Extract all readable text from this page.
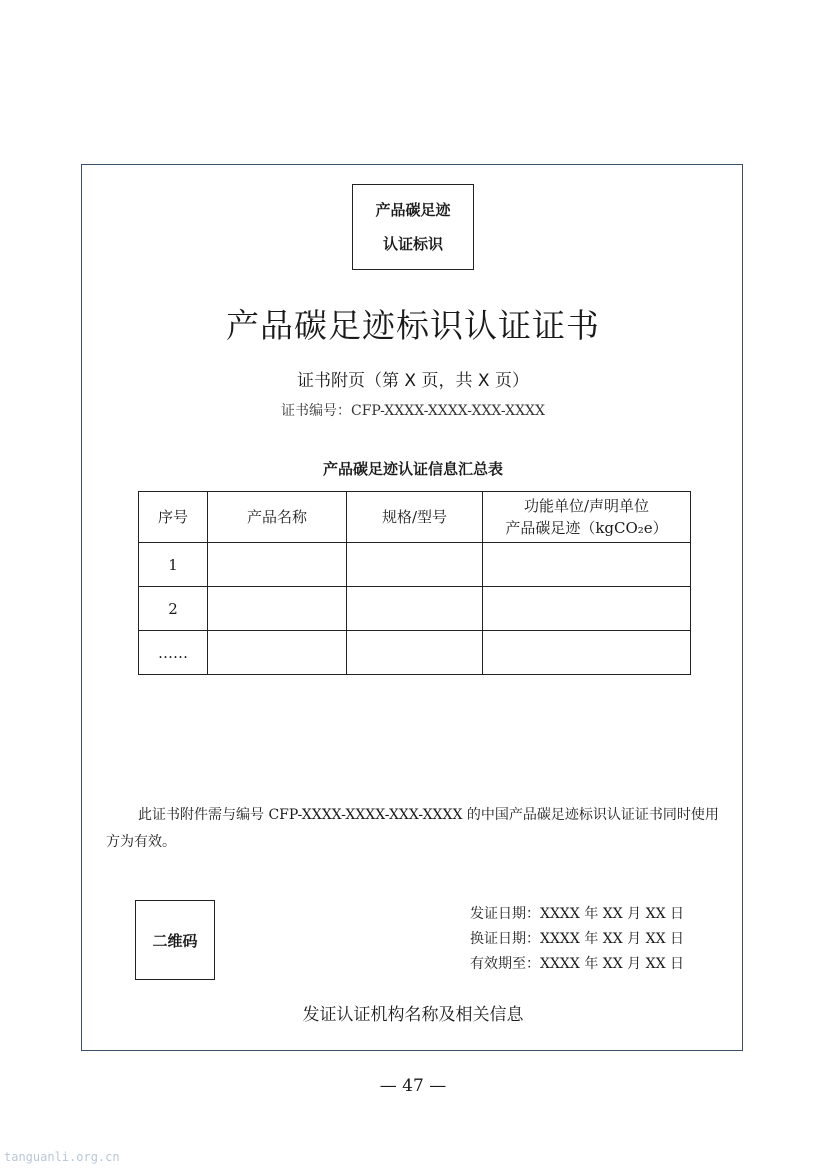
产品碳足迹
认证标识
产品碳足迹标识认证证书
证书附页（第 X 页，共 X 页）
证书编号：CFP-XXXX-XXXX-XXX-XXXX
产品碳足迹认证信息汇总表
序号	产品名称	规格/型号	功能单位/声明单位
产品碳足迹（kgCO₂e）

1			
2			
……			
此证书附件需与编号 CFP-XXXX-XXXX-XXX-XXXX 的中国产品碳足迹标识认证证书同时使用方为有效。
二维码
发证日期：XXXX 年 XX 月 XX 日
换证日期：XXXX 年 XX 月 XX 日
有效期至：XXXX 年 XX 月 XX 日
发证认证机构名称及相关信息
— 47 —
tanguanli.org.cn
